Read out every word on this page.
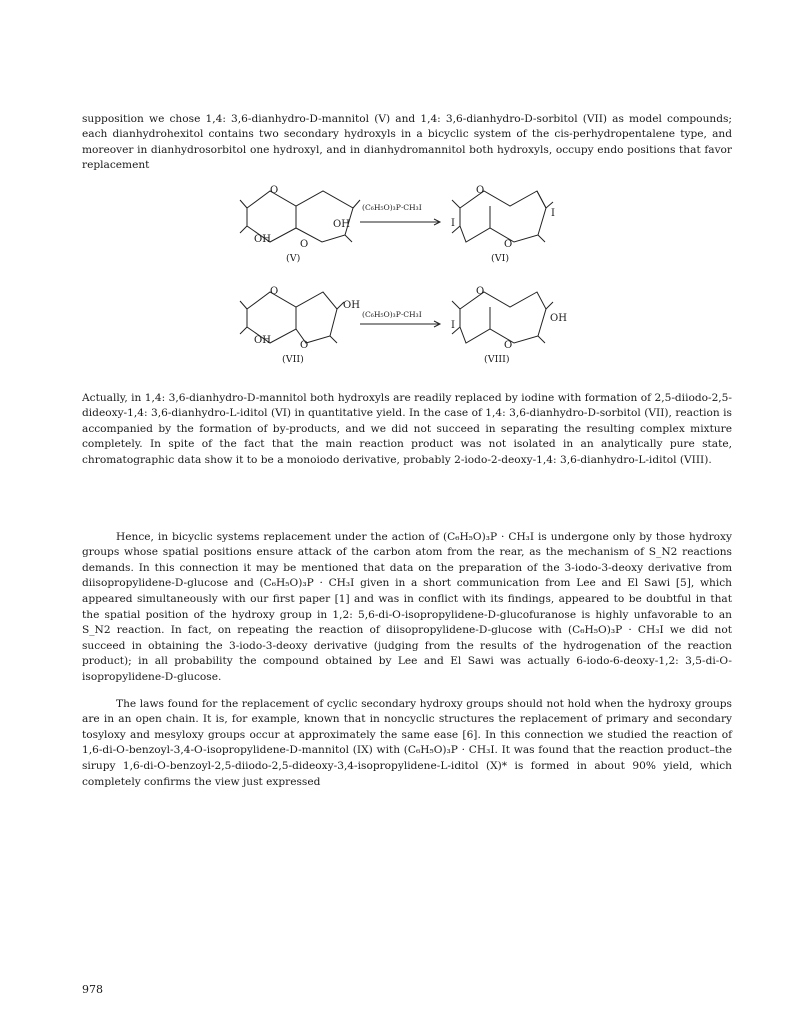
supposition we chose 1,4: 3,6-dianhydro-D-mannitol (V) and 1,4: 3,6-dianhydro-D-sorbitol (VII) as model compounds; each dianhydrohexitol contains two secondary hydroxyls in a bicyclic system of the cis-perhydropentalene type, and moreover in dianhydrosorbitol one hydroxyl, and in dianhydromannitol both hydroxyls, occupy endo positions that favor replacement

O
O
OH
OH
(V)
(C₆H₅O)₃P·CH₃I
O
O
I
I
(VI)
O
O
OH
OH
(VII)
(C₆H₅O)₃P·CH₃I
O
O
I
OH
(VIII)

Actually, in 1,4: 3,6-dianhydro-D-mannitol both hydroxyls are readily replaced by iodine with formation of 2,5-diiodo-2,5-dideoxy-1,4: 3,6-dianhydro-L-iditol (VI) in quantitative yield. In the case of 1,4: 3,6-dianhydro-D-sorbitol (VII), reaction is accompanied by the formation of by-products, and we did not succeed in separating the resulting complex mixture completely. In spite of the fact that the main reaction product was not isolated in an analytically pure state, chromatographic data show it to be a monoiodo derivative, probably 2-iodo-2-deoxy-1,4: 3,6-dianhydro-L-iditol (VIII).

Hence, in bicyclic systems replacement under the action of (C₆H₅O)₃P · CH₃I is undergone only by those hydroxy groups whose spatial positions ensure attack of the carbon atom from the rear, as the mechanism of S_N2 reactions demands. In this connection it may be mentioned that data on the preparation of the 3-iodo-3-deoxy derivative from diisopropylidene-D-glucose and (C₆H₅O)₃P · CH₃I given in a short communication from Lee and El Sawi [5], which appeared simultaneously with our first paper [1] and was in conflict with its findings, appeared to be doubtful in that the spatial position of the hydroxy group in 1,2: 5,6-di-O-isopropylidene-D-glucofuranose is highly unfavorable to an S_N2 reaction. In fact, on repeating the reaction of diisopropylidene-D-glucose with (C₆H₅O)₃P · CH₃I we did not succeed in obtaining the 3-iodo-3-deoxy derivative (judging from the results of the hydrogenation of the reaction product); in all probability the compound obtained by Lee and El Sawi was actually 6-iodo-6-deoxy-1,2: 3,5-di-O-isopropylidene-D-glucose.

The laws found for the replacement of cyclic secondary hydroxy groups should not hold when the hydroxy groups are in an open chain. It is, for example, known that in noncyclic structures the replacement of primary and secondary tosyloxy and mesyloxy groups occur at approximately the same ease [6]. In this connection we studied the reaction of 1,6-di-O-benzoyl-3,4-O-isopropylidene-D-mannitol (IX) with (C₆H₅O)₃P · CH₃I. It was found that the reaction product–the sirupy 1,6-di-O-benzoyl-2,5-diiodo-2,5-dideoxy-3,4-isopropylidene-L-iditol (X)* is formed in about 90% yield, which completely confirms the view just expressed

978
